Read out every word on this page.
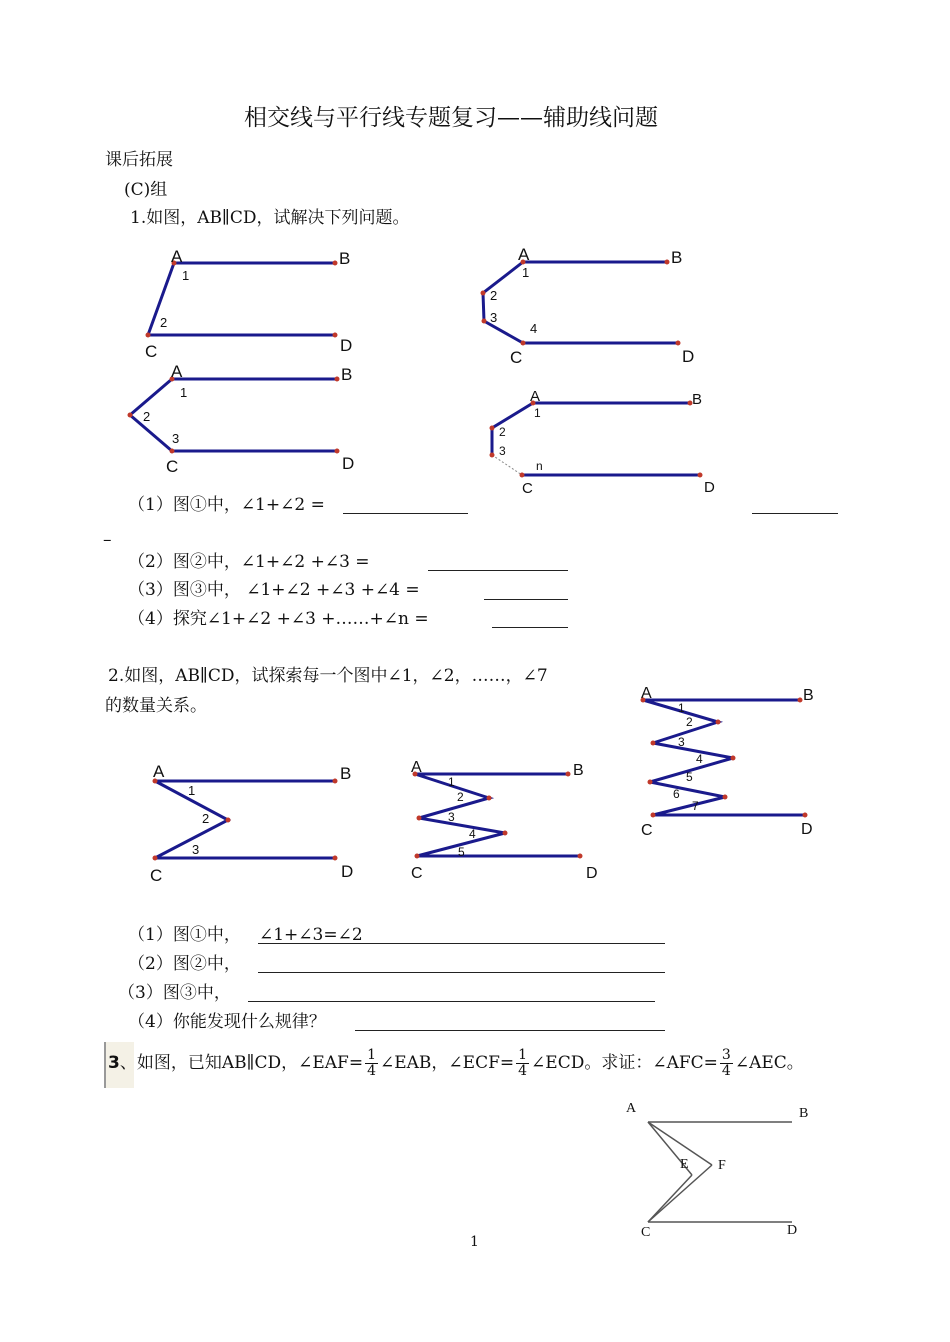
相交线与平行线专题复习——辅助线问题
课后拓展
(C)组
1.如图，AB∥CD，试解决下列问题。
（1）图①中，∠1+∠2 =
–
（2）图②中，∠1+∠2 +∠3 =
（3）图③中， ∠1+∠2 +∠3 +∠4 =
（4）探究∠1+∠2 +∠3 +……+∠n =
2.如图，AB∥CD，试探索每一个图中∠1，∠2，……，∠7
的数量关系。
（1）图①中， ∠1+∠3=∠2
（2）图②中，
（3）图③中，
（4）你能发现什么规律？
3、如图，已知AB∥CD，∠EAF= $\frac{1}{4}$ ∠EAB，∠ECF= $\frac{1}{4}$ ∠ECD。求证：∠AFC= $\frac{3}{4}$ ∠AEC。
1
A	B
C	D
1
2
A	B
C	D
1
2
3
4
A	B
C	D
1
2
3
A	B
C	D
1
2
3
n
A	B
C	D
1
2
3
A	B
C	D
1
2
3
4
5
A	B
C	D
1
2
3
4
5
6
7
A	B
E F
C	D
